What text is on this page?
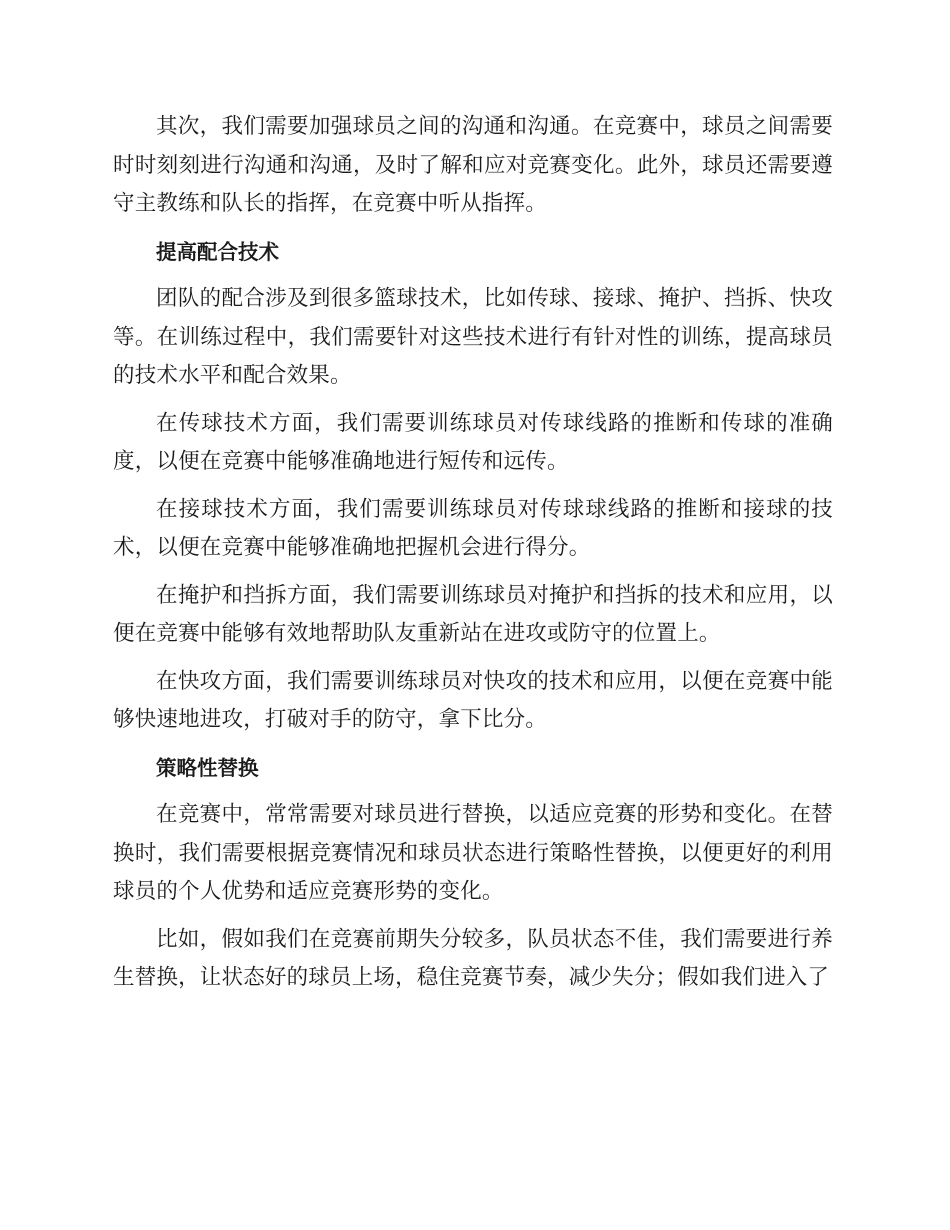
其次，我们需要加强球员之间的沟通和沟通。在竞赛中，球员之间需要时时刻刻进行沟通和沟通，及时了解和应对竞赛变化。此外，球员还需要遵守主教练和队长的指挥，在竞赛中听从指挥。

提高配合技术

团队的配合涉及到很多篮球技术，比如传球、接球、掩护、挡拆、快攻等。在训练过程中，我们需要针对这些技术进行有针对性的训练，提高球员的技术水平和配合效果。

在传球技术方面，我们需要训练球员对传球线路的推断和传球的准确度，以便在竞赛中能够准确地进行短传和远传。

在接球技术方面，我们需要训练球员对传球球线路的推断和接球的技术，以便在竞赛中能够准确地把握机会进行得分。

在掩护和挡拆方面，我们需要训练球员对掩护和挡拆的技术和应用，以便在竞赛中能够有效地帮助队友重新站在进攻或防守的位置上。

在快攻方面，我们需要训练球员对快攻的技术和应用，以便在竞赛中能够快速地进攻，打破对手的防守，拿下比分。

策略性替换

在竞赛中，常常需要对球员进行替换，以适应竞赛的形势和变化。在替换时，我们需要根据竞赛情况和球员状态进行策略性替换，以便更好的利用球员的个人优势和适应竞赛形势的变化。

比如，假如我们在竞赛前期失分较多，队员状态不佳，我们需要进行养生替换，让状态好的球员上场，稳住竞赛节奏，减少失分；假如我们进入了
